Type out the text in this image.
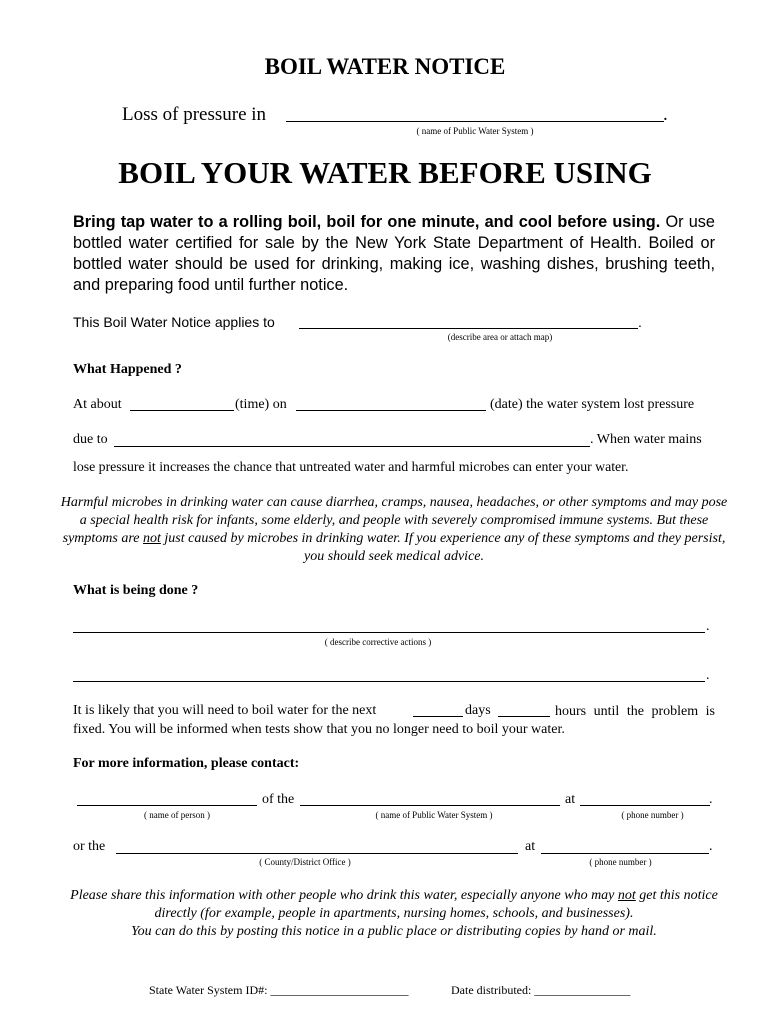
BOIL WATER NOTICE
Loss of pressure in	.
( name of Public Water System )
BOIL YOUR WATER BEFORE USING
Bring tap water to a rolling boil, boil for one minute, and cool before using. Or use bottled water certified for sale by the New York State Department of Health. Boiled or bottled water should be used for drinking, making ice, washing dishes, brushing teeth, and preparing food until further notice.
This Boil Water Notice applies to	.
(describe area or attach map)
What Happened ?
At about	(time) on	(date) the water system lost pressure
due to	. When water mains
lose pressure it increases the chance that untreated water and harmful microbes can enter your water.
Harmful microbes in drinking water can cause diarrhea, cramps, nausea, headaches, or other symptoms and may pose a special health risk for infants, some elderly, and people with severely compromised immune systems. But these symptoms are not just caused by microbes in drinking water. If you experience any of these symptoms and they persist, you should seek medical advice.
What is being done ?
.
( describe corrective actions )
.
It is likely that you will need to boil water for the next	days	hours until the problem is fixed. You will be informed when tests show that you no longer need to boil your water.
For more information, please contact:
of the	at	.
( name of person )	( name of Public Water System )	( phone number )
or the	at	.
( County/District Office )	( phone number )
Please share this information with other people who drink this water, especially anyone who may not get this notice directly (for example, people in apartments, nursing homes, schools, and businesses).
You can do this by posting this notice in a public place or distributing copies by hand or mail.
State Water System ID#: _______________________	Date distributed: ________________
